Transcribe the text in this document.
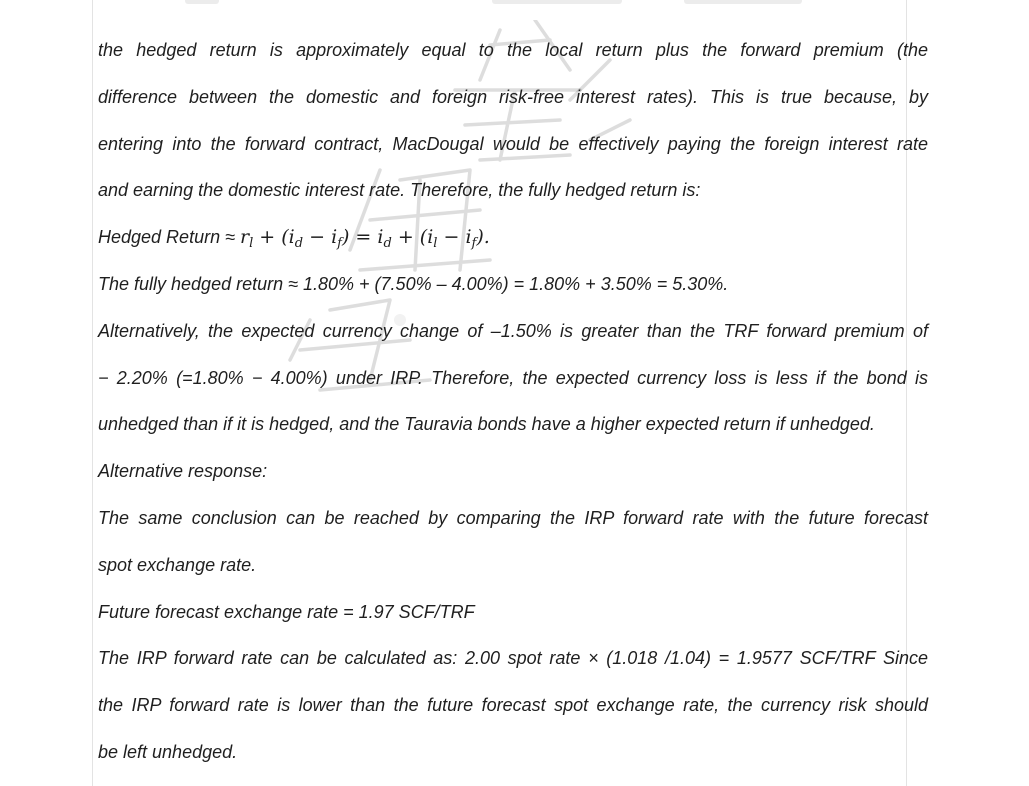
the hedged return is approximately equal to the local return plus the forward premium (the
difference between the domestic and foreign risk-free interest rates). This is true because, by
entering into the forward contract, MacDougal would be effectively paying the foreign interest rate
and earning the domestic interest rate. Therefore, the fully hedged return is:
Hedged Return ≈ $r_l + (i_d - i_f) = i_d + (i_l - i_f)$.
The fully hedged return ≈ 1.80% + (7.50% – 4.00%) = 1.80% + 3.50% = 5.30%.
Alternatively, the expected currency change of –1.50% is greater than the TRF forward premium of
− 2.20% (=1.80% − 4.00%) under IRP. Therefore, the expected currency loss is less if the bond is
unhedged than if it is hedged, and the Tauravia bonds have a higher expected return if unhedged.
Alternative response:
The same conclusion can be reached by comparing the IRP forward rate with the future forecast
spot exchange rate.
Future forecast exchange rate = 1.97 SCF/TRF
The IRP forward rate can be calculated as: 2.00 spot rate × (1.018 /1.04) = 1.9577 SCF/TRF Since
the IRP forward rate is lower than the future forecast spot exchange rate, the currency risk should
be left unhedged.
